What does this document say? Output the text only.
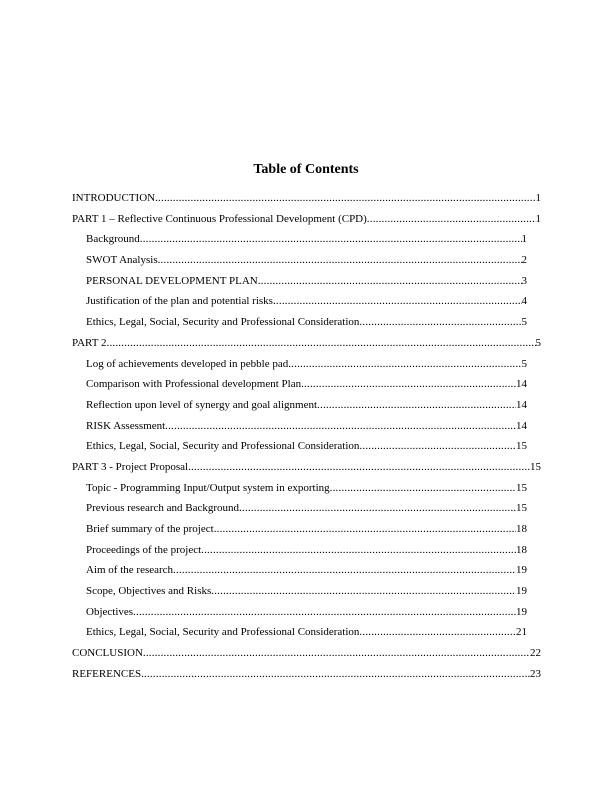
Table of Contents
INTRODUCTION .....	1
PART 1 – Reflective Continuous Professional Development (CPD) .....	1
Background .....	1
SWOT Analysis .....	2
PERSONAL DEVELOPMENT PLAN .....	3
Justification of the plan and potential risks .....	4
Ethics, Legal, Social, Security and Professional Consideration .....	5
PART 2 .....	5
Log of achievements developed in pebble pad .....	5
Comparison with Professional development Plan .....	14
Reflection upon level of synergy and goal alignment .....	14
RISK Assessment .....	14
Ethics, Legal, Social, Security and Professional Consideration .....	15
PART 3 - Project Proposal .....	15
Topic - Programming Input/Output system in exporting .....	15
Previous research and Background .....	15
Brief summary of the project .....	18
Proceedings of the project .....	18
Aim of the research .....	19
Scope, Objectives and Risks .....	19
Objectives .....	19
Ethics, Legal, Social, Security and Professional Consideration .....	21
CONCLUSION .....	22
REFERENCES .....	23
